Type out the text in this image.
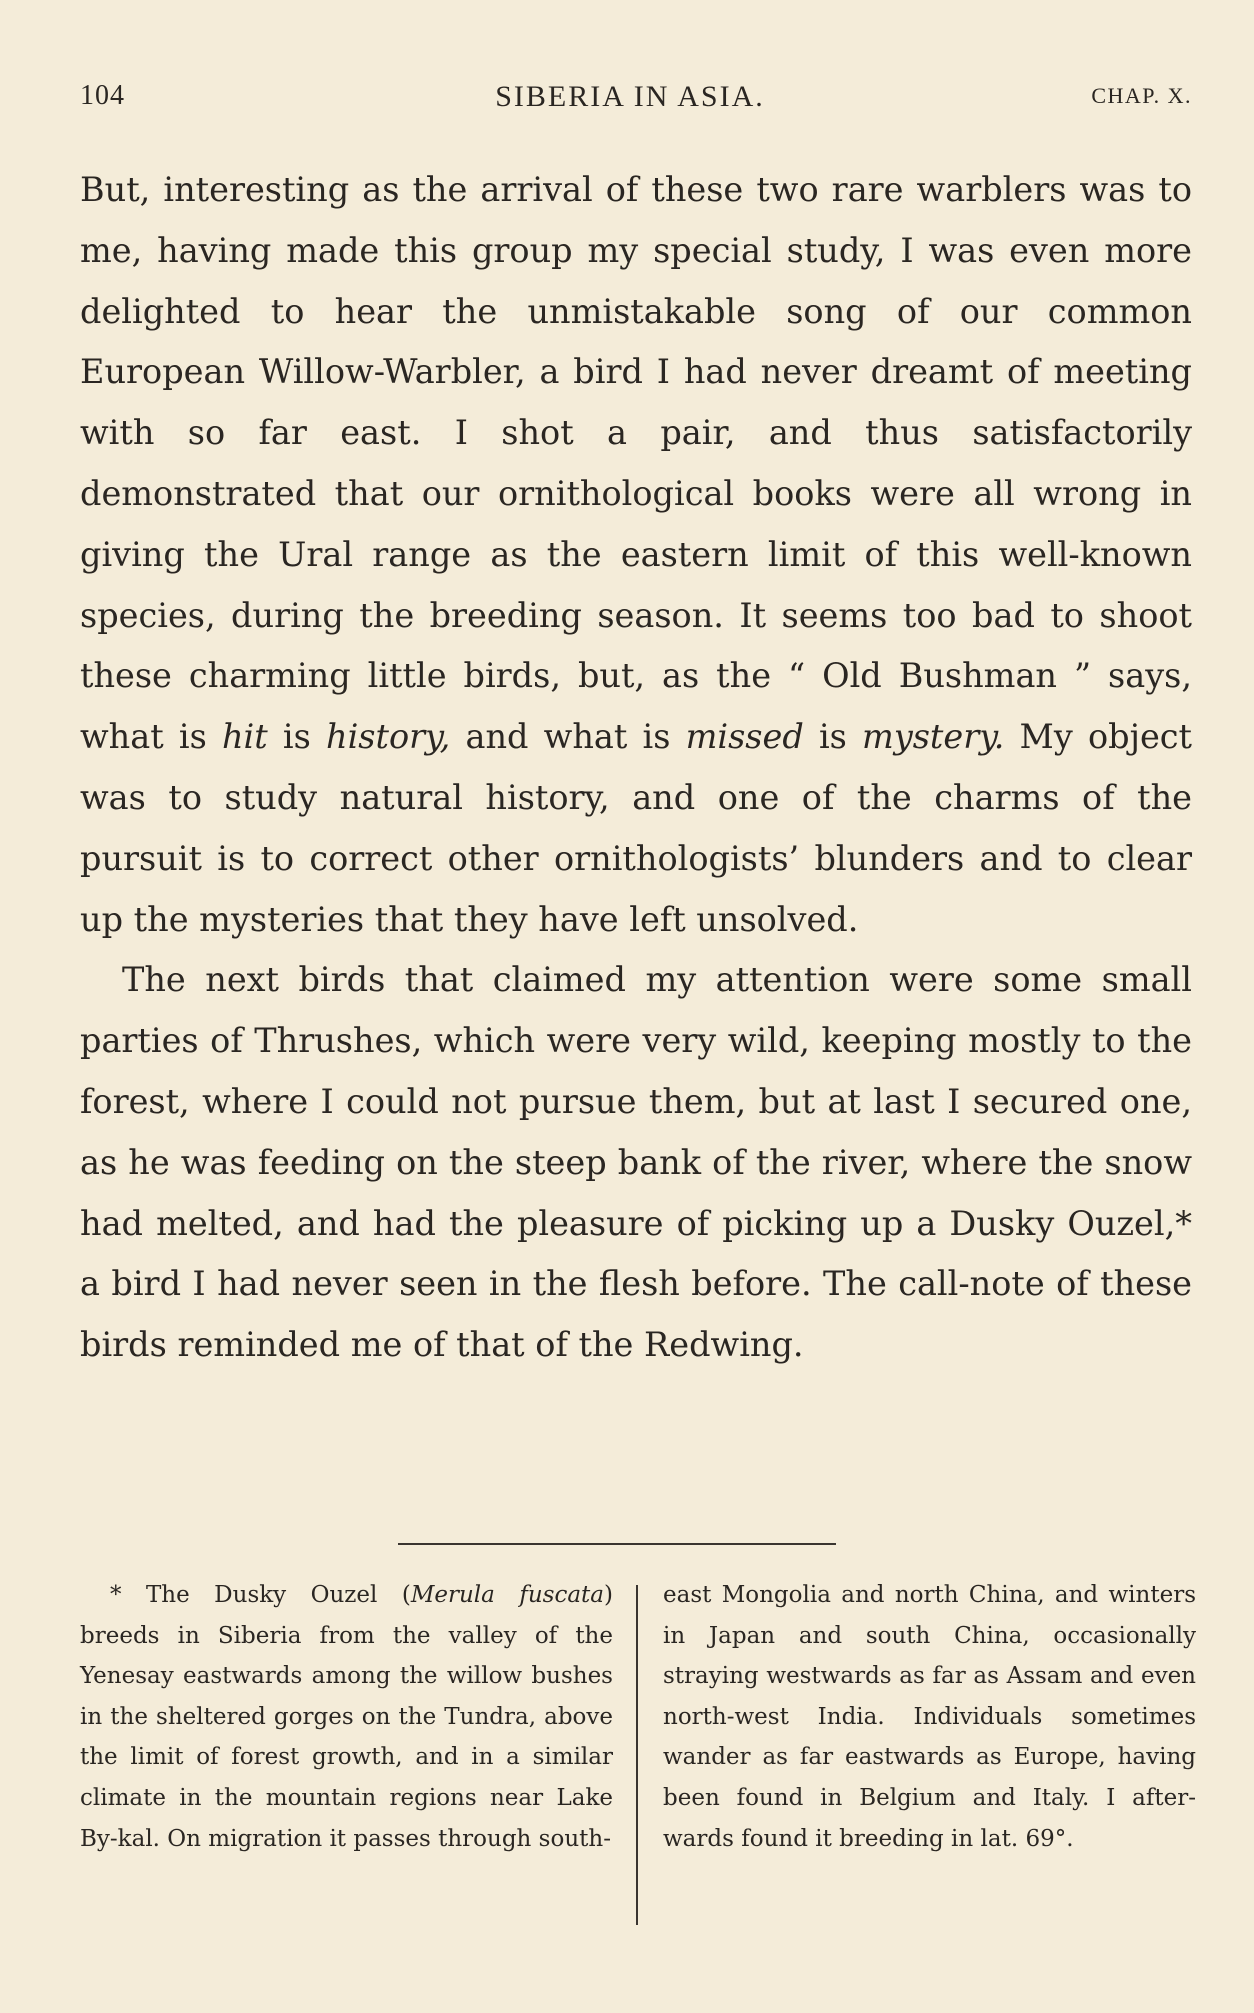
104	SIBERIA IN ASIA.	CHAP. X.

But, interesting as the arrival of these two rare warblers was to me, having made this group my special study, I was even more delighted to hear the unmistakable song of our common European Willow-Warbler, a bird I had never dreamt of meeting with so far east. I shot a pair, and thus satisfactorily demonstrated that our ornithological books were all wrong in giving the Ural range as the eastern limit of this well-known species, during the breeding season. It seems too bad to shoot these charming little birds, but, as the “ Old Bushman ” says, what is hit is history, and what is missed is mystery. My object was to study natural history, and one of the charms of the pursuit is to correct other ornithologists’ blunders and to clear up the mysteries that they have left unsolved.

The next birds that claimed my attention were some small parties of Thrushes, which were very wild, keeping mostly to the forest, where I could not pursue them, but at last I secured one, as he was feeding on the steep bank of the river, where the snow had melted, and had the pleasure of picking up a Dusky Ouzel,* a bird I had never seen in the flesh before. The call-note of these birds reminded me of that of the Redwing.

* The Dusky Ouzel (Merula fuscata) breeds in Siberia from the valley of the Yenesay eastwards among the willow bushes in the sheltered gorges on the Tundra, above the limit of forest growth, and in a similar climate in the mountain regions near Lake By-kal. On migration it passes through south-

east Mongolia and north China, and winters in Japan and south China, occasionally straying westwards as far as Assam and even north-west India. Individuals sometimes wander as far eastwards as Europe, having been found in Belgium and Italy. I after-wards found it breeding in lat. 69°.
